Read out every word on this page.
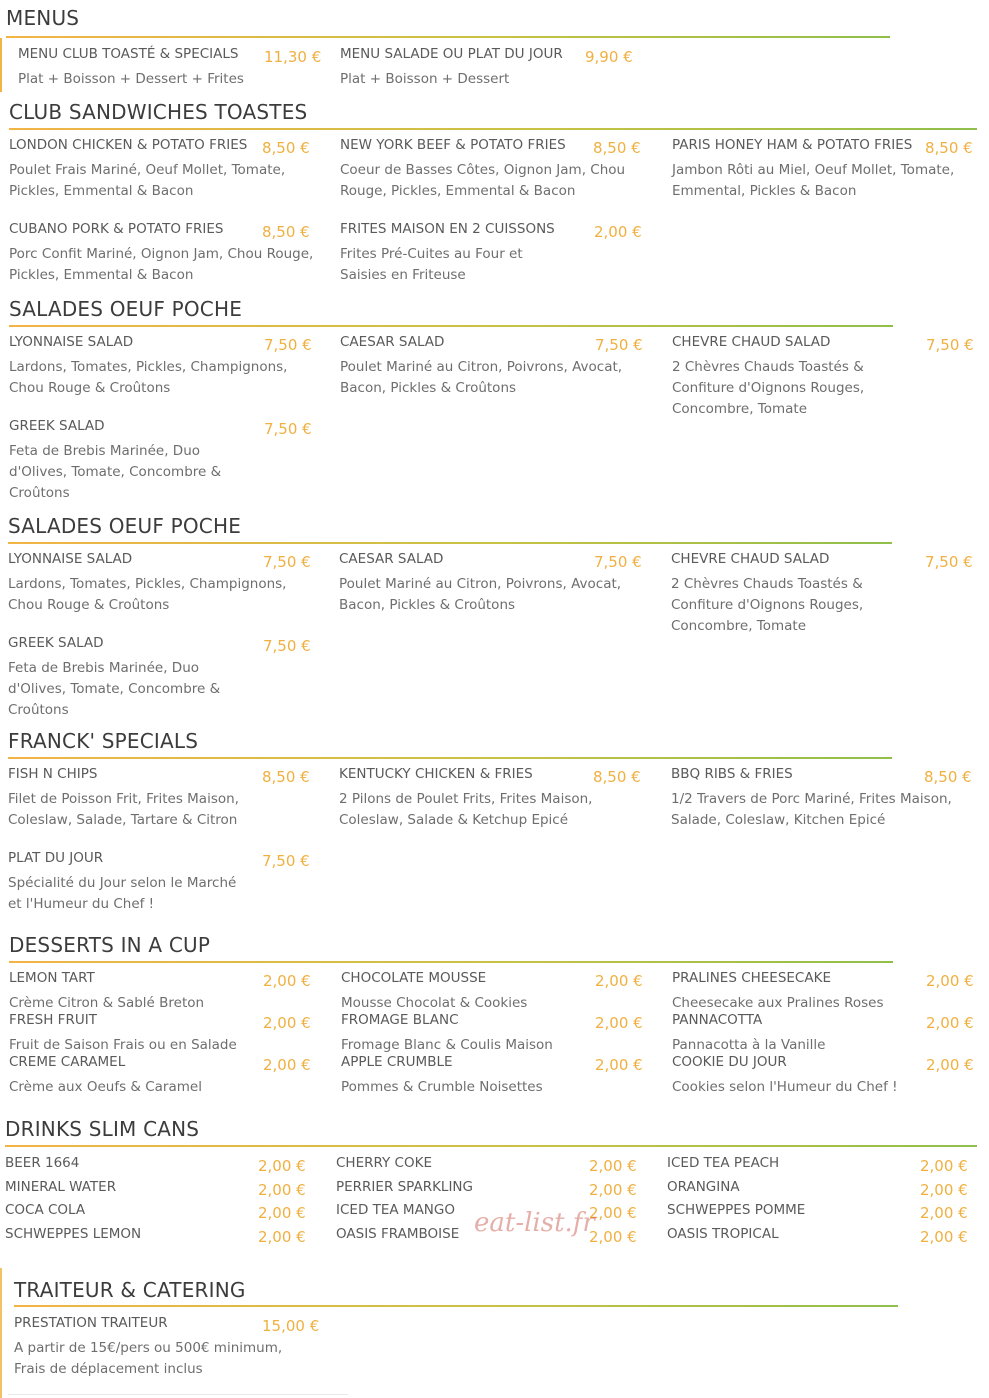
MENUS
MENU CLUB TOASTÉ & SPECIALS 11,30 €
Plat + Boisson + Dessert + Frites
MENU SALADE OU PLAT DU JOUR 9,90 €
Plat + Boisson + Dessert
CLUB SANDWICHES TOASTES
LONDON CHICKEN & POTATO FRIES 8,50 €
Poulet Frais Mariné, Oeuf Mollet, Tomate, Pickles, Emmental & Bacon
NEW YORK BEEF & POTATO FRIES 8,50 €
Coeur de Basses Côtes, Oignon Jam, Chou Rouge, Pickles, Emmental & Bacon
PARIS HONEY HAM & POTATO FRIES 8,50 €
Jambon Rôti au Miel, Oeuf Mollet, Tomate, Emmental, Pickles & Bacon
CUBANO PORK & POTATO FRIES	8,50 €
Porc Confit Mariné, Oignon Jam, Chou Rouge, Pickles, Emmental & Bacon
FRITES MAISON EN 2 CUISSONS	2,00 €
Frites Pré-Cuites au Four et Saisies en Friteuse
SALADES OEUF POCHE
LYONNAISE SALAD	7,50 €
Lardons, Tomates, Pickles, Champignons, Chou Rouge & Croûtons
CAESAR SALAD	7,50 €
Poulet Mariné au Citron, Poivrons, Avocat, Bacon, Pickles & Croûtons
CHEVRE CHAUD SALAD	7,50 €
2 Chèvres Chauds Toastés & Confiture d'Oignons Rouges, Concombre, Tomate
GREEK SALAD	7,50 €
Feta de Brebis Marinée, Duo d'Olives, Tomate, Concombre & Croûtons
SALADES OEUF POCHE
LYONNAISE SALAD	7,50 €
Lardons, Tomates, Pickles, Champignons, Chou Rouge & Croûtons
CAESAR SALAD	7,50 €
Poulet Mariné au Citron, Poivrons, Avocat, Bacon, Pickles & Croûtons
CHEVRE CHAUD SALAD	7,50 €
2 Chèvres Chauds Toastés & Confiture d'Oignons Rouges, Concombre, Tomate
GREEK SALAD	7,50 €
Feta de Brebis Marinée, Duo d'Olives, Tomate, Concombre & Croûtons
FRANCK' SPECIALS
FISH N CHIPS	8,50 €
Filet de Poisson Frit, Frites Maison, Coleslaw, Salade, Tartare & Citron
KENTUCKY CHICKEN & FRIES	8,50 €
2 Pilons de Poulet Frits, Frites Maison, Coleslaw, Salade & Ketchup Epicé
BBQ RIBS & FRIES	8,50 €
1/2 Travers de Porc Mariné, Frites Maison, Salade, Coleslaw, Kitchen Epicé
PLAT DU JOUR	7,50 €
Spécialité du Jour selon le Marché et l'Humeur du Chef !
DESSERTS IN A CUP
LEMON TART	2,00 €
Crème Citron & Sablé Breton
CHOCOLATE MOUSSE	2,00 €
Mousse Chocolat & Cookies
PRALINES CHEESECAKE	2,00 €
Cheesecake aux Pralines Roses
FRESH FRUIT	2,00 €
Fruit de Saison Frais ou en Salade
FROMAGE BLANC	2,00 €
Fromage Blanc & Coulis Maison
PANNACOTTA	2,00 €
Pannacotta à la Vanille
CREME CARAMEL	2,00 €
Crème aux Oeufs & Caramel
APPLE CRUMBLE	2,00 €
Pommes & Crumble Noisettes
COOKIE DU JOUR	2,00 €
Cookies selon l'Humeur du Chef !
DRINKS SLIM CANS
BEER 1664	2,00 € CHERRY COKE	2,00 € ICED TEA PEACH	2,00 €
MINERAL WATER	2,00 € PERRIER SPARKLING	2,00 € ORANGINA	2,00 €
COCA COLA	2,00 € ICED TEA MANGO	2,00 € SCHWEPPES POMME	2,00 €
SCHWEPPES LEMON	2,00 € OASIS FRAMBOISE	2,00 € OASIS TROPICAL	2,00 €
eat-list.fr
TRAITEUR & CATERING
PRESTATION TRAITEUR	15,00 €
A partir de 15€/pers ou 500€ minimum, Frais de déplacement inclus
